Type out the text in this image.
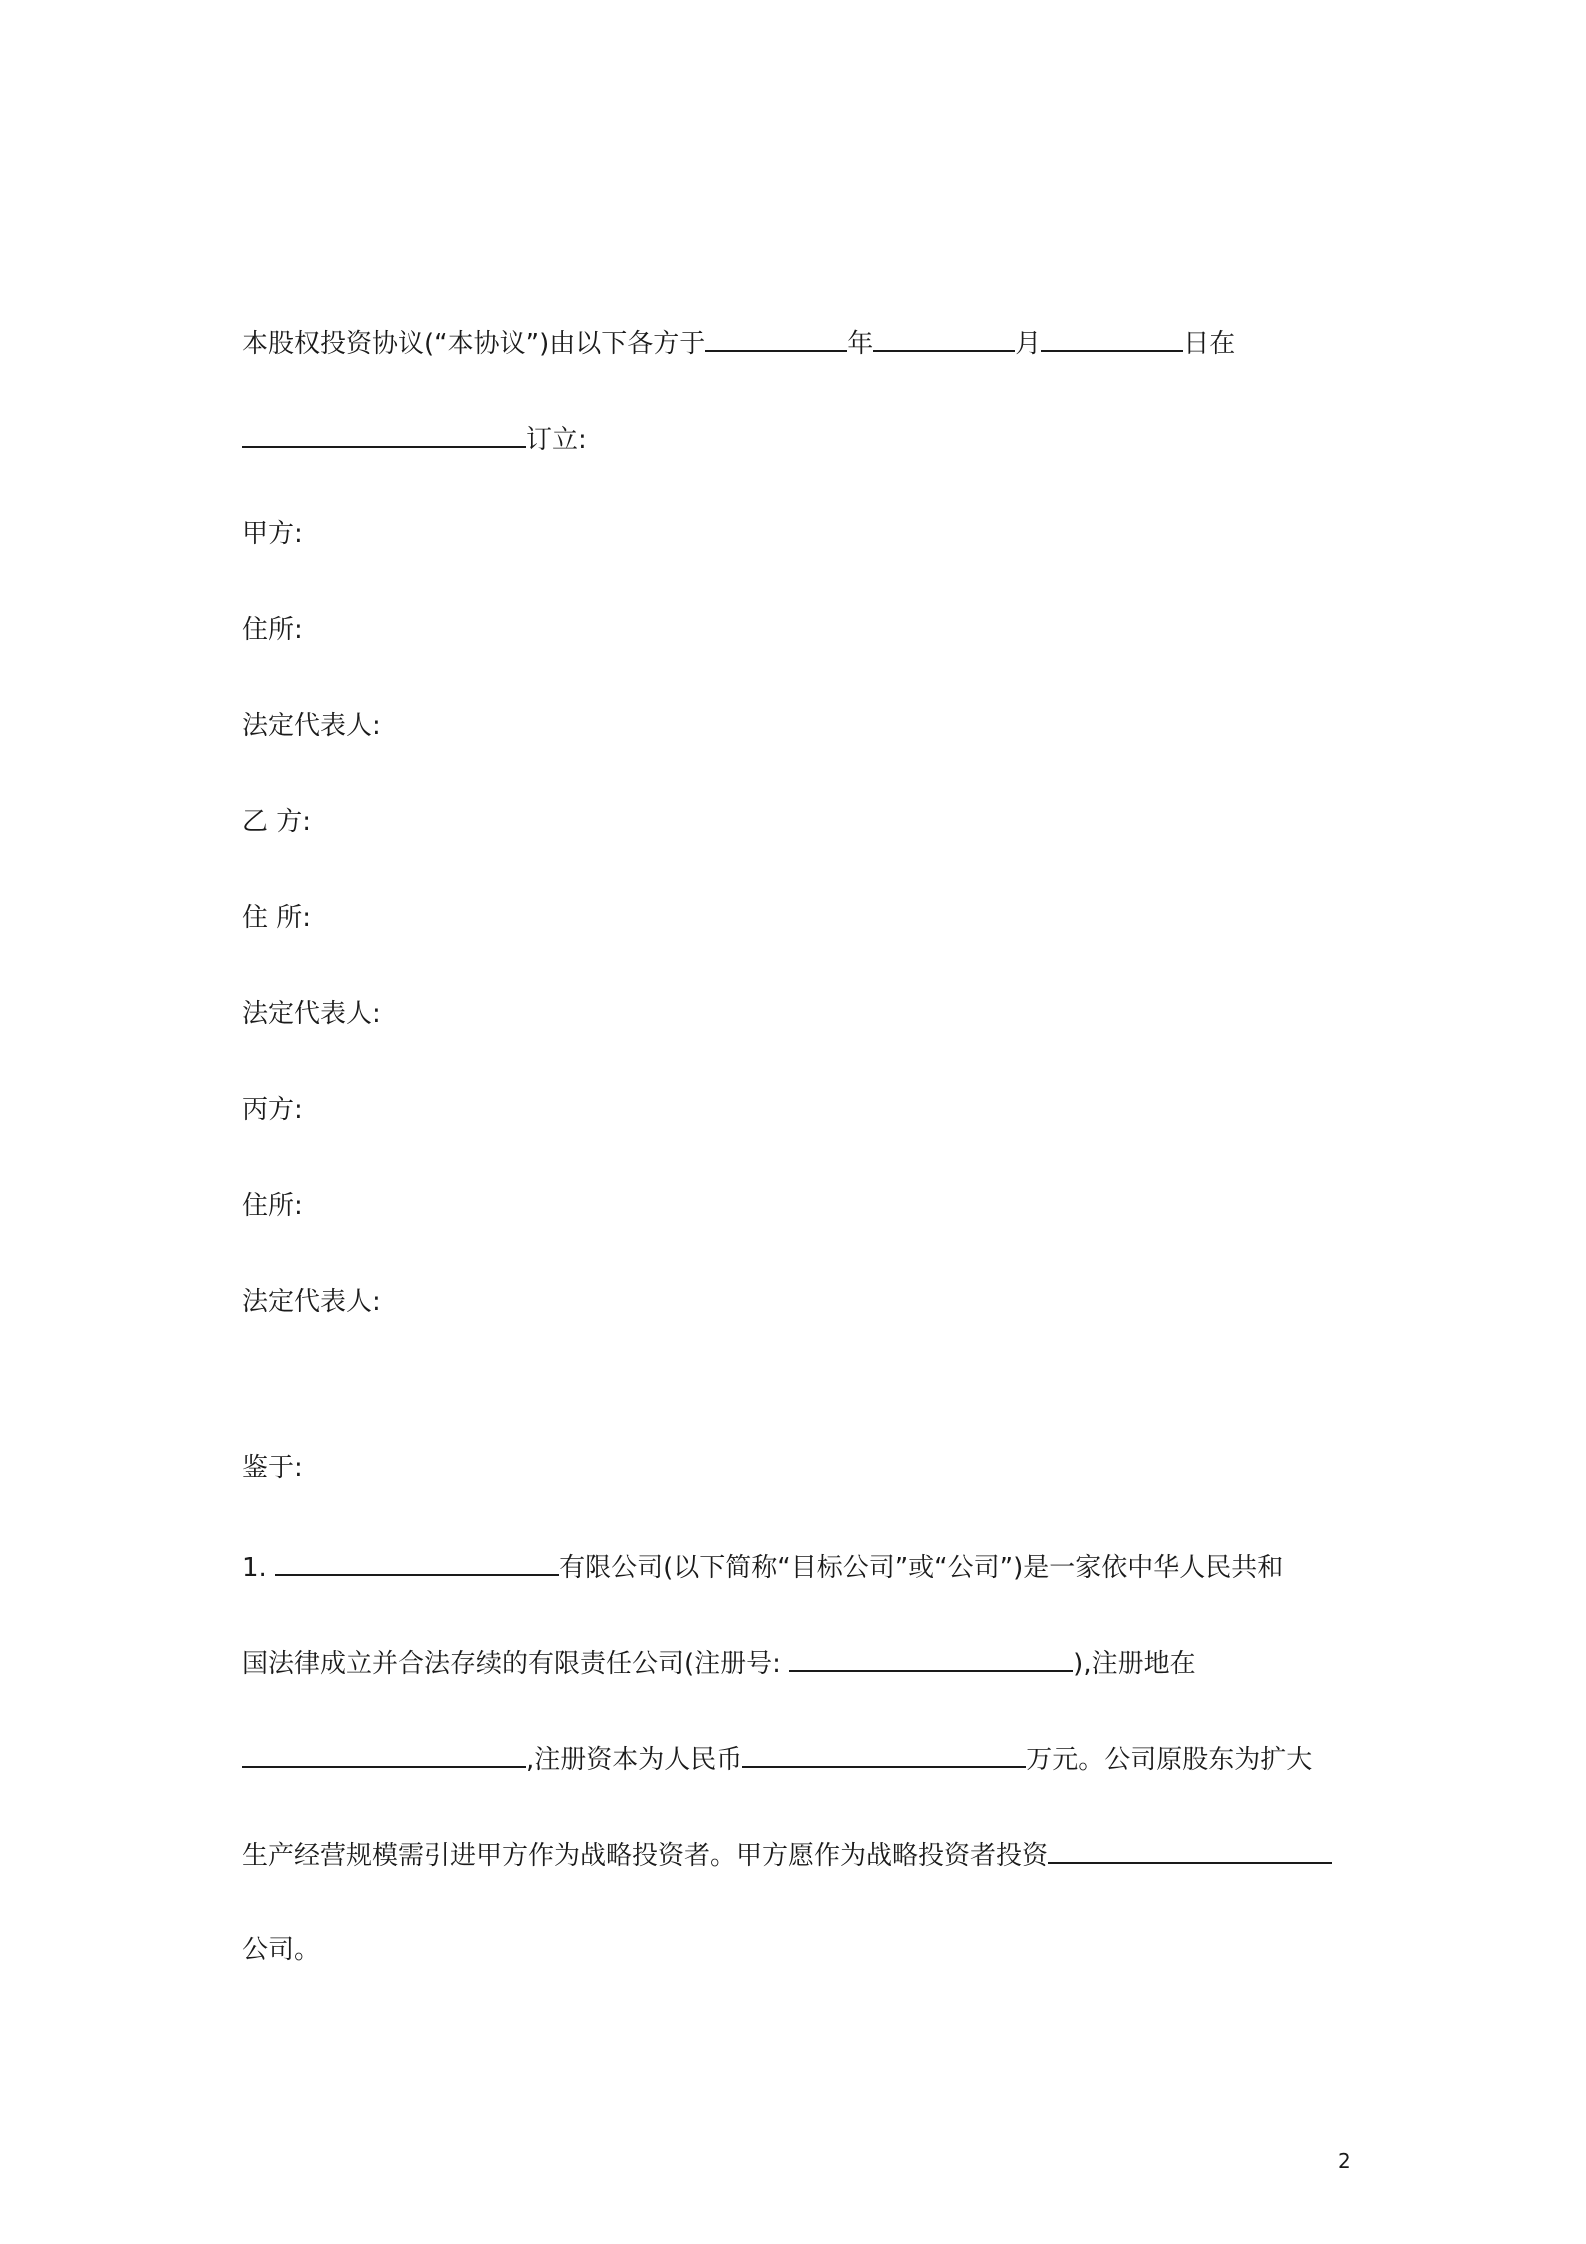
本股权投资协议(“本协议”)由以下各方于	年	月	日在
订立:
甲方:
住所:
法定代表人:
乙 方:
住 所:
法定代表人:
丙方:
住所:
法定代表人:
鉴于:
1.	有限公司(以下简称“目标公司”或“公司”)是一家依中华人民共和
国法律成立并合法存续的有限责任公司(注册号:	),注册地在
,注册资本为人民币	万元。公司原股东为扩大
生产经营规模需引进甲方作为战略投资者。甲方愿作为战略投资者投资
公司。
2
